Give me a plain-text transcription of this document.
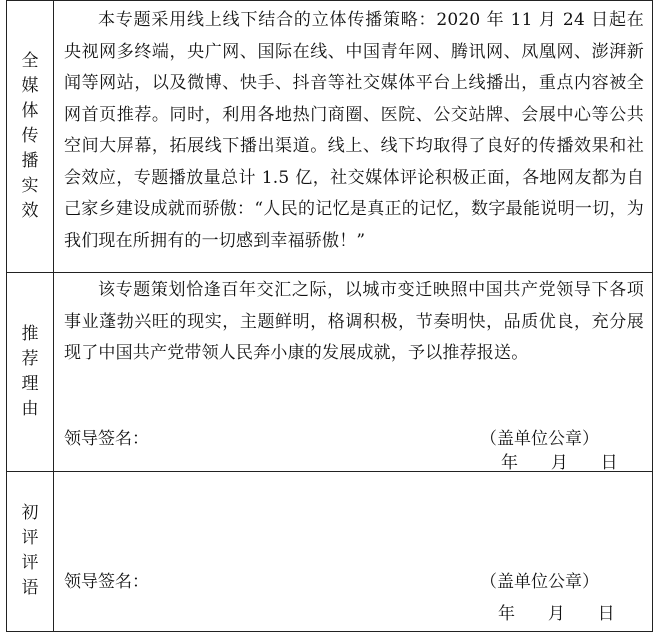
全媒体传播实效	本专题采用线上线下结合的立体传播策略：2020 年 11 月 24 日起在央视网多终端，央广网、国际在线、中国青年网、腾讯网、凤凰网、澎湃新闻等网站，以及微博、快手、抖音等社交媒体平台上线播出，重点内容被全网首页推荐。同时，利用各地热门商圈、医院、公交站牌、会展中心等公共空间大屏幕，拓展线下播出渠道。线上、线下均取得了良好的传播效果和社会效应，专题播放量总计 1.5 亿，社交媒体评论积极正面，各地网友都为自己家乡建设成就而骄傲：“人民的记忆是真正的记忆，数字最能说明一切，为我们现在所拥有的一切感到幸福骄傲！”

推荐理由	该专题策划恰逢百年交汇之际，以城市变迁映照中国共产党领导下各项事业蓬勃兴旺的现实，主题鲜明，格调积极，节奏明快，品质优良，充分展现了中国共产党带领人民奔小康的发展成就，予以推荐报送。

领导签名： （盖单位公章）
年 月 日

初评评语	领导签名： （盖单位公章）
年 月 日
